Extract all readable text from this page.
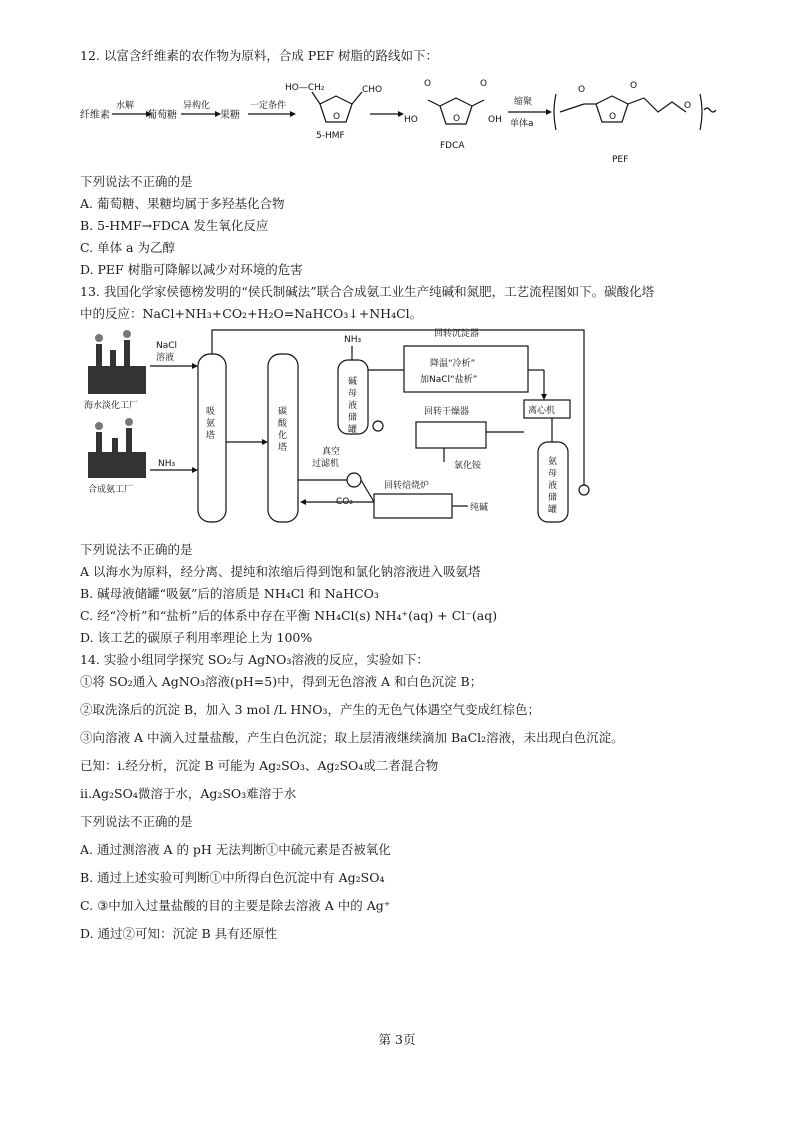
12. 以富含纤维素的农作物为原料，合成 PEF 树脂的路线如下：
纤维素
水解
葡萄糖
异构化
果糖
一定条件
O
HO—CH₂	CHO
5-HMF
O
O	O
HO	OH
FDCA
缩聚
单体a
O
O	O
O
PEF
下列说法不正确的是
A. 葡萄糖、果糖均属于多羟基化合物
B. 5-HMF→FDCA 发生氧化反应
C. 单体 a 为乙醇
D. PEF 树脂可降解以减少对环境的危害
13. 我国化学家侯德榜发明的“侯氏制碱法”联合合成氨工业生产纯碱和氮肥，工艺流程图如下。碳酸化塔
中的反应：NaCl+NH₃+CO₂+H₂O=NaHCO₃↓+NH₄Cl。
海水淡化工厂
合成氨工厂
NaCl
溶液
NH₃
吸
氨
塔
碳
酸
化
塔
NH₃
碱
母
液
储
罐
真空
过滤机
CO₂
回转沉淀器
降温“冷析”
加NaCl“盐析”
离心机
回转干燥器
氯化铵	氨
母
液
储
罐
回转焙烧炉
纯碱
下列说法不正确的是
A 以海水为原料，经分离、提纯和浓缩后得到饱和氯化钠溶液进入吸氨塔
B. 碱母液储罐“吸氨”后的溶质是 NH₄Cl 和 NaHCO₃
C. 经“冷析”和“盐析”后的体系中存在平衡 NH₄Cl(s) NH₄⁺(aq) + Cl⁻(aq)
D. 该工艺的碳原子利用率理论上为 100%
14. 实验小组同学探究 SO₂与 AgNO₃溶液的反应，实验如下：
①将 SO₂通入 AgNO₃溶液(pH=5)中，得到无色溶液 A 和白色沉淀 B；
②取洗涤后的沉淀 B，加入 3 mol /L HNO₃，产生的无色气体遇空气变成红棕色；
③向溶液 A 中滴入过量盐酸，产生白色沉淀；取上层清液继续滴加 BaCl₂溶液，未出现白色沉淀。
已知：ⅰ.经分析，沉淀 B 可能为 Ag₂SO₃、Ag₂SO₄或二者混合物
ⅱ.Ag₂SO₄微溶于水，Ag₂SO₃难溶于水
下列说法不正确的是
A. 通过测溶液 A 的 pH 无法判断①中硫元素是否被氧化
B. 通过上述实验可判断①中所得白色沉淀中有 Ag₂SO₄
C. ③中加入过量盐酸的目的主要是除去溶液 A 中的 Ag⁺
D. 通过②可知：沉淀 B 具有还原性
第 3页
